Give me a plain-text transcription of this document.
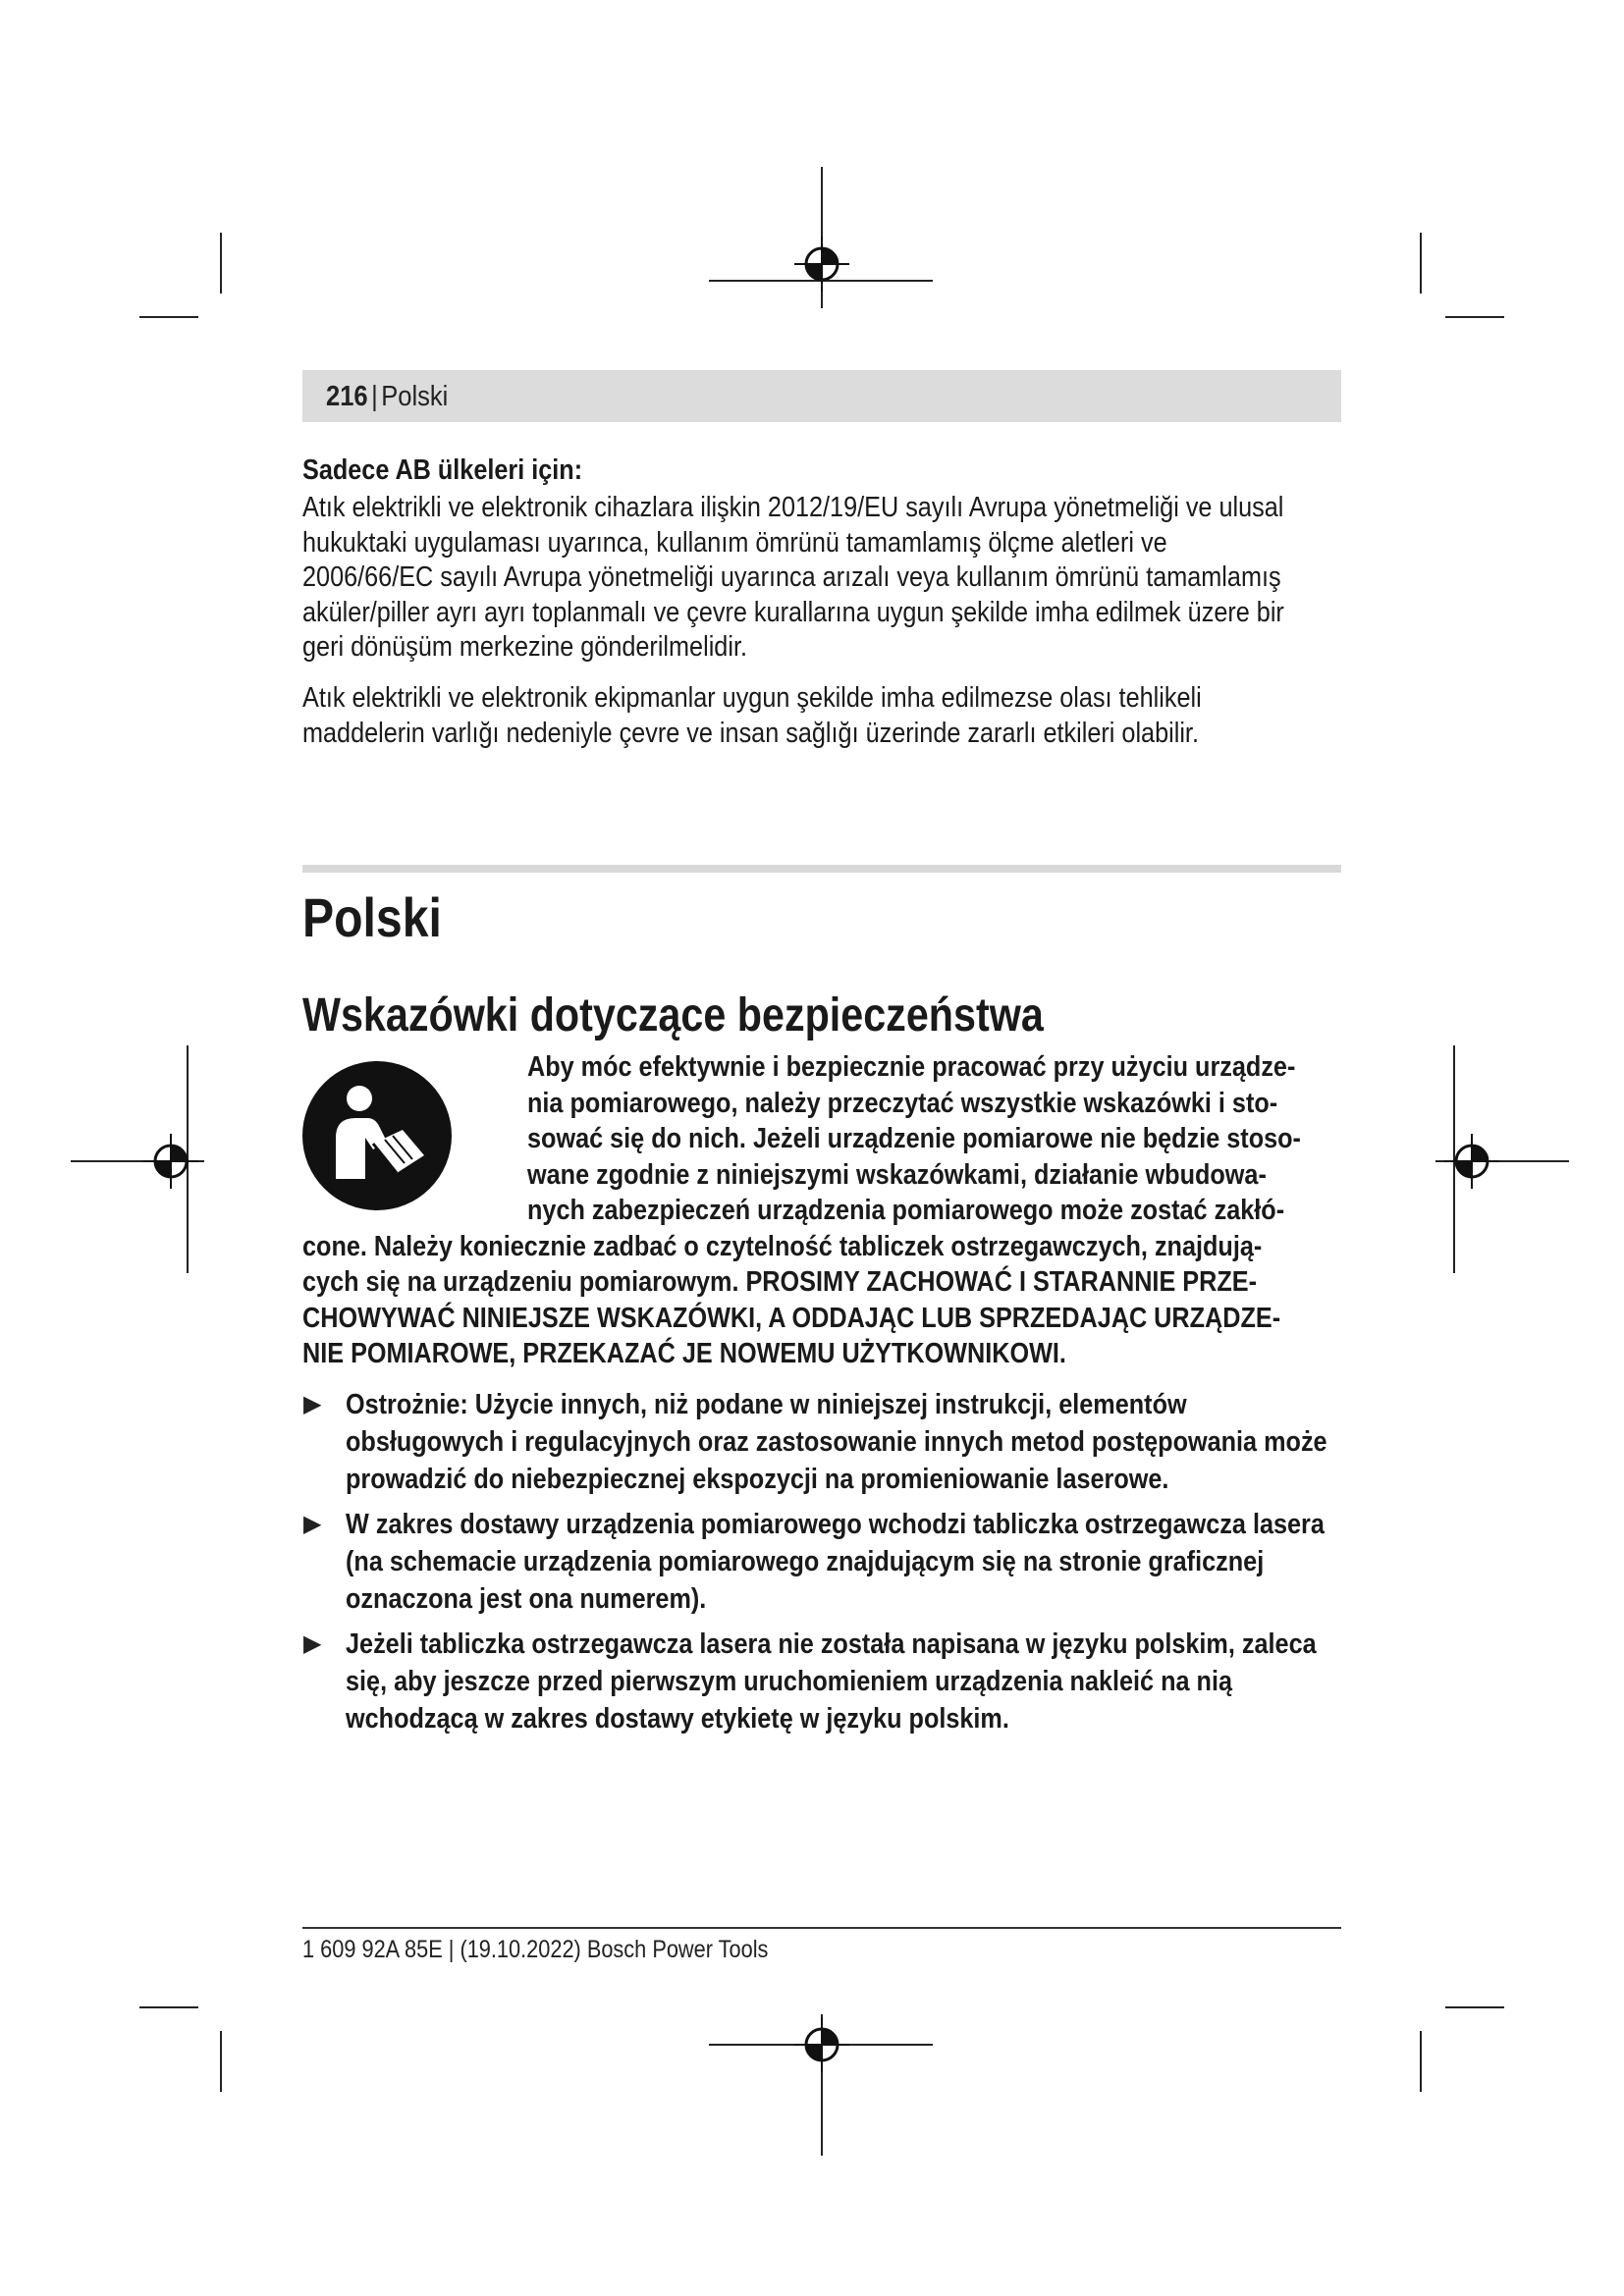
216 | Polski
Sadece AB ülkeleri için:
Atık elektrikli ve elektronik cihazlara ilişkin 2012/19/EU sayılı Avrupa yönetmeliği ve ulusal hukuktaki uygulaması uyarınca, kullanım ömrünü tamamlamış ölçme aletleri ve 2006/66/EC sayılı Avrupa yönetmeliği uyarınca arızalı veya kullanım ömrünü tamamlamış aküler/piller ayrı ayrı toplanmalı ve çevre kurallarına uygun şekilde imha edilmek üzere bir geri dönüşüm merkezine gönderilmelidir.
Atık elektrikli ve elektronik ekipmanlar uygun şekilde imha edilmezse olası tehlikeli maddelerin varlığı nedeniyle çevre ve insan sağlığı üzerinde zararlı etkileri olabilir.
Polski
Wskazówki dotyczące bezpieczeństwa
Aby móc efektywnie i bezpiecznie pracować przy użyciu urządze-
nia pomiarowego, należy przeczytać wszystkie wskazówki i sto-
sować się do nich. Jeżeli urządzenie pomiarowe nie będzie stoso-
wane zgodnie z niniejszymi wskazówkami, działanie wbudowa-
nych zabezpieczeń urządzenia pomiarowego może zostać zakłó-
cone. Należy koniecznie zadbać o czytelność tabliczek ostrzegawczych, znajdują-
cych się na urządzeniu pomiarowym. PROSIMY ZACHOWAĆ I STARANNIE PRZE-
CHOWYWAĆ NINIEJSZE WSKAZÓWKI, A ODDAJĄC LUB SPRZEDAJĄC URZĄDZE-
NIE POMIAROWE, PRZEKAZAĆ JE NOWEMU UŻYTKOWNIKOWI.
▶ Ostrożnie: Użycie innych, niż podane w niniejszej instrukcji, elementów obsługowych i regulacyjnych oraz zastosowanie innych metod postępowania może prowadzić do niebezpiecznej ekspozycji na promieniowanie laserowe.
▶ W zakres dostawy urządzenia pomiarowego wchodzi tabliczka ostrzegawcza lasera (na schemacie urządzenia pomiarowego znajdującym się na stronie graficznej oznaczona jest ona numerem).
▶ Jeżeli tabliczka ostrzegawcza lasera nie została napisana w języku polskim, zaleca się, aby jeszcze przed pierwszym uruchomieniem urządzenia nakleić na nią wchodzącą w zakres dostawy etykietę w języku polskim.
1 609 92A 85E | (19.10.2022) Bosch Power Tools
